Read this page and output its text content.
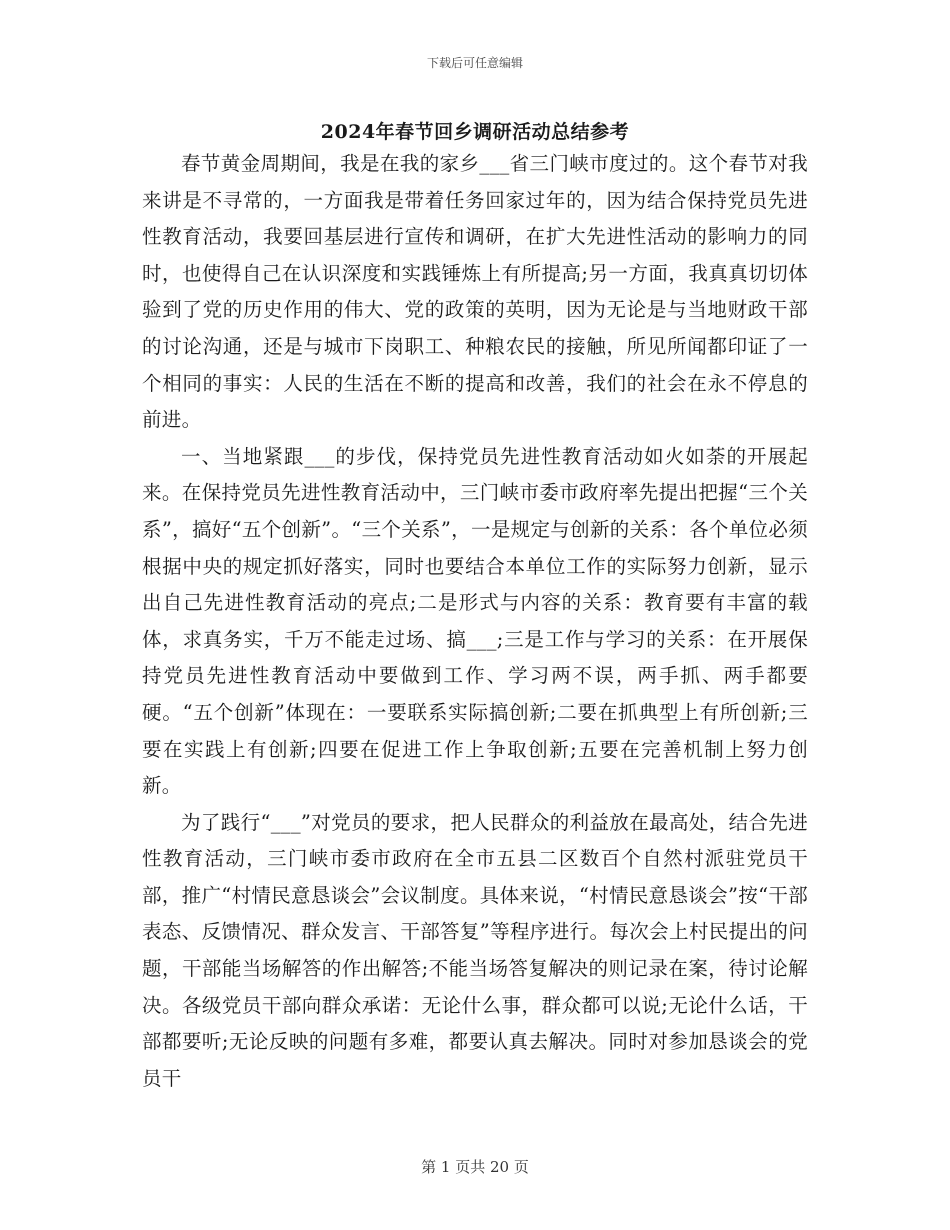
下载后可任意编辑
2024年春节回乡调研活动总结参考

春节黄金周期间，我是在我的家乡___省三门峡市度过的。这个春节对我来讲是不寻常的，一方面我是带着任务回家过年的，因为结合保持党员先进性教育活动，我要回基层进行宣传和调研，在扩大先进性活动的影响力的同时，也使得自己在认识深度和实践锤炼上有所提高;另一方面，我真真切切体验到了党的历史作用的伟大、党的政策的英明，因为无论是与当地财政干部的讨论沟通，还是与城市下岗职工、种粮农民的接触，所见所闻都印证了一个相同的事实：人民的生活在不断的提高和改善，我们的社会在永不停息的前进。

一、当地紧跟___的步伐，保持党员先进性教育活动如火如荼的开展起来。在保持党员先进性教育活动中，三门峡市委市政府率先提出把握“三个关系”，搞好“五个创新”。“三个关系”，一是规定与创新的关系：各个单位必须根据中央的规定抓好落实，同时也要结合本单位工作的实际努力创新，显示出自己先进性教育活动的亮点;二是形式与内容的关系：教育要有丰富的载体，求真务实，千万不能走过场、搞___;三是工作与学习的关系：在开展保持党员先进性教育活动中要做到工作、学习两不误，两手抓、两手都要硬。“五个创新”体现在：一要联系实际搞创新;二要在抓典型上有所创新;三要在实践上有创新;四要在促进工作上争取创新;五要在完善机制上努力创新。

为了践行“___”对党员的要求，把人民群众的利益放在最高处，结合先进性教育活动，三门峡市委市政府在全市五县二区数百个自然村派驻党员干部，推广“村情民意恳谈会”会议制度。具体来说，“村情民意恳谈会”按“干部表态、反馈情况、群众发言、干部答复”等程序进行。每次会上村民提出的问题，干部能当场解答的作出解答;不能当场答复解决的则记录在案，待讨论解决。各级党员干部向群众承诺：无论什么事，群众都可以说;无论什么话，干部都要听;无论反映的问题有多难，都要认真去解决。同时对参加恳谈会的党员干

第 1 页共 20 页
